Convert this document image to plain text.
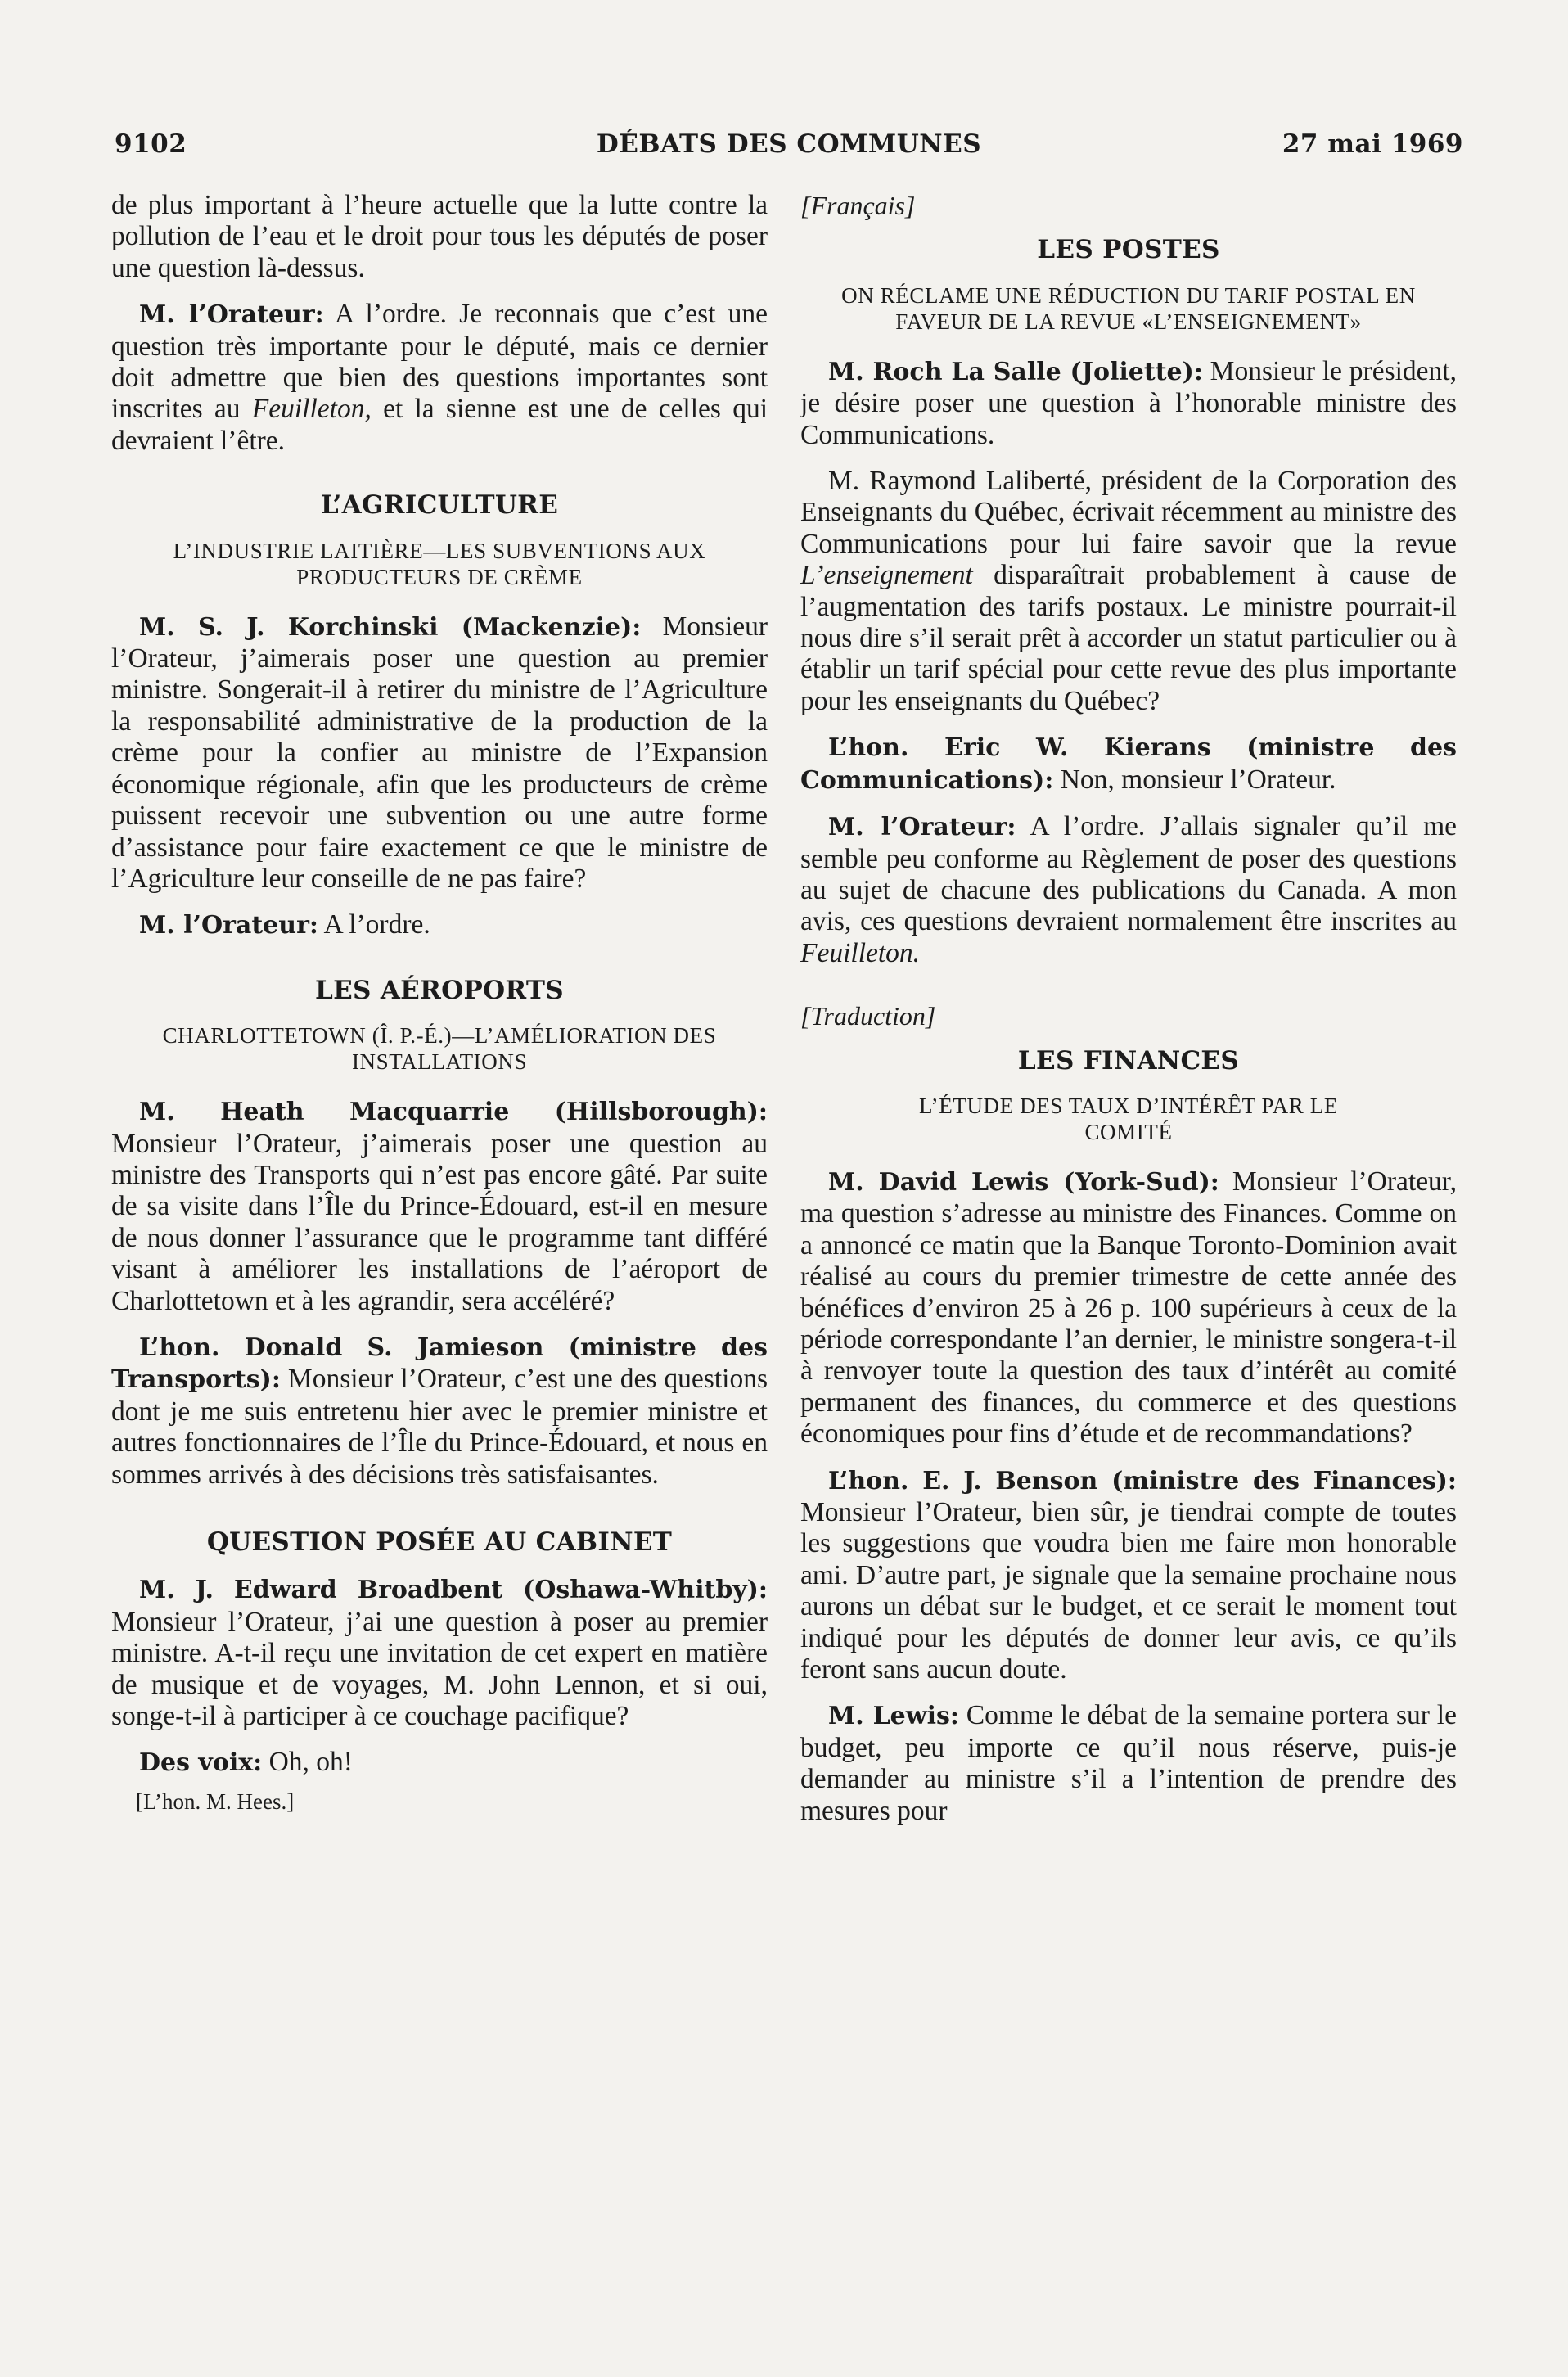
9102	DÉBATS DES COMMUNES	27 mai 1969

de plus important à l’heure actuelle que la lutte contre la pollution de l’eau et le droit pour tous les députés de poser une question là-dessus.

M. l’Orateur: A l’ordre. Je reconnais que c’est une question très importante pour le député, mais ce dernier doit admettre que bien des questions importantes sont inscrites au Feuilleton, et la sienne est une de celles qui devraient l’être.

L’AGRICULTURE
L’INDUSTRIE LAITIÈRE—LES SUBVENTIONS AUX PRODUCTEURS DE CRÈME

M. S. J. Korchinski (Mackenzie): Monsieur l’Orateur, j’aimerais poser une question au premier ministre. Songerait-il à retirer du ministre de l’Agriculture la responsabilité administrative de la production de la crème pour la confier au ministre de l’Expansion économique régionale, afin que les producteurs de crème puissent recevoir une subvention ou une autre forme d’assistance pour faire exactement ce que le ministre de l’Agriculture leur conseille de ne pas faire?

M. l’Orateur: A l’ordre.

LES AÉROPORTS
CHARLOTTETOWN (Î. P.-É.)—L’AMÉLIORATION DES INSTALLATIONS

M. Heath Macquarrie (Hillsborough): Monsieur l’Orateur, j’aimerais poser une question au ministre des Transports qui n’est pas encore gâté. Par suite de sa visite dans l’Île du Prince-Édouard, est-il en mesure de nous donner l’assurance que le programme tant différé visant à améliorer les installations de l’aéroport de Charlottetown et à les agrandir, sera accéléré?

L’hon. Donald S. Jamieson (ministre des Transports): Monsieur l’Orateur, c’est une des questions dont je me suis entretenu hier avec le premier ministre et autres fonctionnaires de l’Île du Prince-Édouard, et nous en sommes arrivés à des décisions très satisfaisantes.

QUESTION POSÉE AU CABINET

M. J. Edward Broadbent (Oshawa-Whitby): Monsieur l’Orateur, j’ai une question à poser au premier ministre. A-t-il reçu une invitation de cet expert en matière de musique et de voyages, M. John Lennon, et si oui, songe-t-il à participer à ce couchage pacifique?

Des voix: Oh, oh!

[L’hon. M. Hees.]

[Français]
LES POSTES
ON RÉCLAME UNE RÉDUCTION DU TARIF POSTAL EN FAVEUR DE LA REVUE «L’ENSEIGNEMENT»

M. Roch La Salle (Joliette): Monsieur le président, je désire poser une question à l’honorable ministre des Communications.

M. Raymond Laliberté, président de la Corporation des Enseignants du Québec, écrivait récemment au ministre des Communications pour lui faire savoir que la revue L’enseignement disparaîtrait probablement à cause de l’augmentation des tarifs postaux. Le ministre pourrait-il nous dire s’il serait prêt à accorder un statut particulier ou à établir un tarif spécial pour cette revue des plus importante pour les enseignants du Québec?

L’hon. Eric W. Kierans (ministre des Communications): Non, monsieur l’Orateur.

M. l’Orateur: A l’ordre. J’allais signaler qu’il me semble peu conforme au Règlement de poser des questions au sujet de chacune des publications du Canada. A mon avis, ces questions devraient normalement être inscrites au Feuilleton.

[Traduction]
LES FINANCES
L’ÉTUDE DES TAUX D’INTÉRÊT PAR LE COMITÉ

M. David Lewis (York-Sud): Monsieur l’Orateur, ma question s’adresse au ministre des Finances. Comme on a annoncé ce matin que la Banque Toronto-Dominion avait réalisé au cours du premier trimestre de cette année des bénéfices d’environ 25 à 26 p. 100 supérieurs à ceux de la période correspondante l’an dernier, le ministre songera-t-il à renvoyer toute la question des taux d’intérêt au comité permanent des finances, du commerce et des questions économiques pour fins d’étude et de recommandations?

L’hon. E. J. Benson (ministre des Finances): Monsieur l’Orateur, bien sûr, je tiendrai compte de toutes les suggestions que voudra bien me faire mon honorable ami. D’autre part, je signale que la semaine prochaine nous aurons un débat sur le budget, et ce serait le moment tout indiqué pour les députés de donner leur avis, ce qu’ils feront sans aucun doute.

M. Lewis: Comme le débat de la semaine portera sur le budget, peu importe ce qu’il nous réserve, puis-je demander au ministre s’il a l’intention de prendre des mesures pour
